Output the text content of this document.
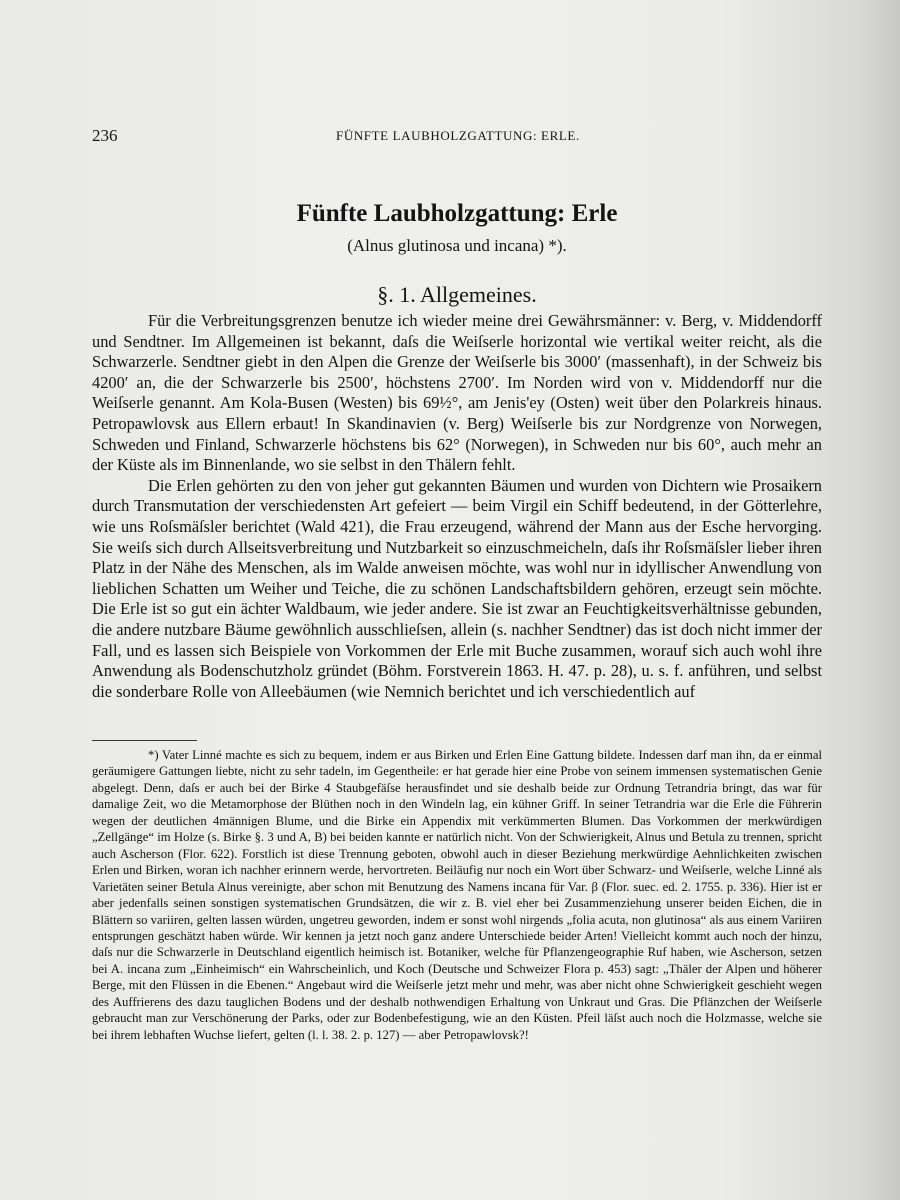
236	FÜNFTE LAUBHOLZGATTUNG: ERLE.
Fünfte Laubholzgattung: Erle
(Alnus glutinosa und incana) *).
§. 1. Allgemeines.

Für die Verbreitungsgrenzen benutze ich wieder meine drei Gewährsmänner: v. Berg, v. Middendorff und Sendtner. Im Allgemeinen ist bekannt, daſs die Weiſserle horizontal wie vertikal weiter reicht, als die Schwarzerle. Sendtner giebt in den Alpen die Grenze der Weiſserle bis 3000′ (massenhaft), in der Schweiz bis 4200′ an, die der Schwarzerle bis 2500′, höchstens 2700′. Im Norden wird von v. Middendorff nur die Weiſserle genannt. Am Kola-Busen (Westen) bis 69½°, am Jenis'ey (Osten) weit über den Polarkreis hinaus. Petropawlovsk aus Ellern erbaut! In Skandinavien (v. Berg) Weiſserle bis zur Nordgrenze von Norwegen, Schweden und Finland, Schwarzerle höchstens bis 62° (Norwegen), in Schweden nur bis 60°, auch mehr an der Küste als im Binnenlande, wo sie selbst in den Thälern fehlt.

Die Erlen gehörten zu den von jeher gut gekannten Bäumen und wurden von Dichtern wie Prosaikern durch Transmutation der verschiedensten Art gefeiert — beim Virgil ein Schiff bedeutend, in der Götterlehre, wie uns Roſsmäſsler berichtet (Wald 421), die Frau erzeugend, während der Mann aus der Esche hervorging. Sie weiſs sich durch Allseitsverbreitung und Nutzbarkeit so einzuschmeicheln, daſs ihr Roſsmäſsler lieber ihren Platz in der Nähe des Menschen, als im Walde anweisen möchte, was wohl nur in idyllischer Anwendlung von lieblichen Schatten um Weiher und Teiche, die zu schönen Landschaftsbildern gehören, erzeugt sein möchte. Die Erle ist so gut ein ächter Waldbaum, wie jeder andere. Sie ist zwar an Feuchtigkeitsverhältnisse gebunden, die andere nutzbare Bäume gewöhnlich ausschlieſsen, allein (s. nachher Sendtner) das ist doch nicht immer der Fall, und es lassen sich Beispiele von Vorkommen der Erle mit Buche zusammen, worauf sich auch wohl ihre Anwendung als Bodenschutzholz gründet (Böhm. Forstverein 1863. H. 47. p. 28), u. s. f. anführen, und selbst die sonderbare Rolle von Alleebäumen (wie Nemnich berichtet und ich verschiedentlich auf

*) Vater Linné machte es sich zu bequem, indem er aus Birken und Erlen Eine Gattung bildete. Indessen darf man ihn, da er einmal geräumigere Gattungen liebte, nicht zu sehr tadeln, im Gegentheile: er hat gerade hier eine Probe von seinem immensen systematischen Genie abgelegt. Denn, daſs er auch bei der Birke 4 Staubgefäſse herausfindet und sie deshalb beide zur Ordnung Tetrandria bringt, das war für damalige Zeit, wo die Metamorphose der Blüthen noch in den Windeln lag, ein kühner Griff. In seiner Tetrandria war die Erle die Führerin wegen der deutlichen 4männigen Blume, und die Birke ein Appendix mit verkümmerten Blumen. Das Vorkommen der merkwürdigen „Zellgänge“ im Holze (s. Birke §. 3 und A, B) bei beiden kannte er natürlich nicht. Von der Schwierigkeit, Alnus und Betula zu trennen, spricht auch Ascherson (Flor. 622). Forstlich ist diese Trennung geboten, obwohl auch in dieser Beziehung merkwürdige Aehnlichkeiten zwischen Erlen und Birken, woran ich nachher erinnern werde, hervortreten. Beiläufig nur noch ein Wort über Schwarz- und Weiſserle, welche Linné als Varietäten seiner Betula Alnus vereinigte, aber schon mit Benutzung des Namens incana für Var. β (Flor. suec. ed. 2. 1755. p. 336). Hier ist er aber jedenfalls seinen sonstigen systematischen Grundsätzen, die wir z. B. viel eher bei Zusammenziehung unserer beiden Eichen, die in Blättern so variiren, gelten lassen würden, ungetreu geworden, indem er sonst wohl nirgends „folia acuta, non glutinosa“ als aus einem Variiren entsprungen geschätzt haben würde. Wir kennen ja jetzt noch ganz andere Unterschiede beider Arten! Vielleicht kommt auch noch der hinzu, daſs nur die Schwarzerle in Deutschland eigentlich heimisch ist. Botaniker, welche für Pflanzengeographie Ruf haben, wie Ascherson, setzen bei A. incana zum „Einheimisch“ ein Wahrscheinlich, und Koch (Deutsche und Schweizer Flora p. 453) sagt: „Thäler der Alpen und höherer Berge, mit den Flüssen in die Ebenen.“ Angebaut wird die Weiſserle jetzt mehr und mehr, was aber nicht ohne Schwierigkeit geschieht wegen des Auffrierens des dazu tauglichen Bodens und der deshalb nothwendigen Erhaltung von Unkraut und Gras. Die Pflänzchen der Weiſserle gebraucht man zur Verschönerung der Parks, oder zur Bodenbefestigung, wie an den Küsten. Pfeil läſst auch noch die Holzmasse, welche sie bei ihrem lebhaften Wuchse liefert, gelten (l. l. 38. 2. p. 127) — aber Petropawlovsk?!
